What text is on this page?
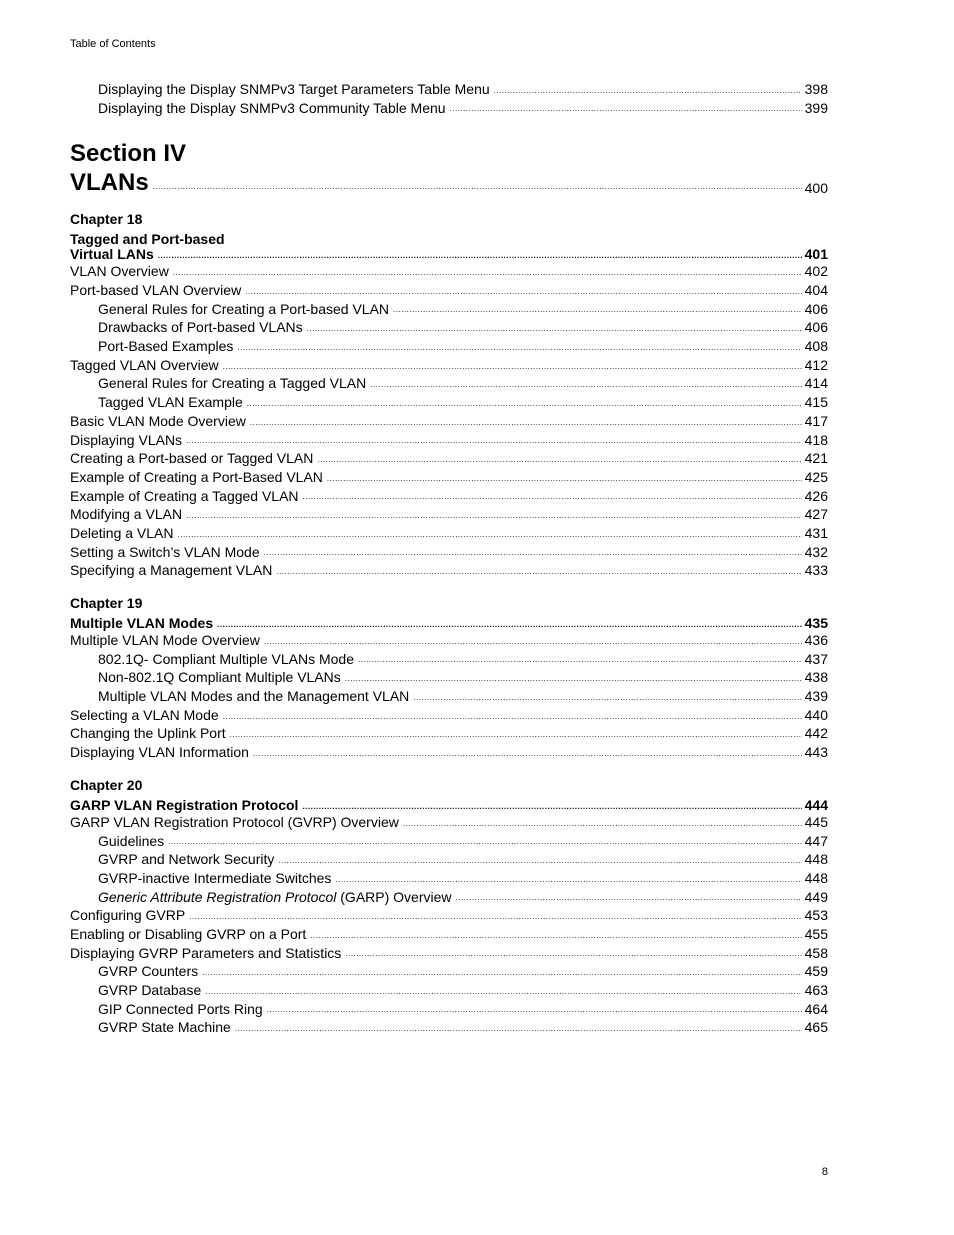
Table of Contents
Displaying the Display SNMPv3 Target Parameters Table Menu .....	398
Displaying the Display SNMPv3 Community Table Menu .....	399
Section IV
VLANs .....	400
Chapter 18
Tagged and Port-based
Virtual LANs .....	401
VLAN Overview .....	402
Port-based VLAN Overview .....	404
General Rules for Creating a Port-based VLAN .....	406
Drawbacks of Port-based VLANs .....	406
Port-Based Examples .....	408
Tagged VLAN Overview .....	412
General Rules for Creating a Tagged VLAN .....	414
Tagged VLAN Example .....	415
Basic VLAN Mode Overview .....	417
Displaying VLANs .....	418
Creating a Port-based or Tagged VLAN .....	421
Example of Creating a Port-Based VLAN .....	425
Example of Creating a Tagged VLAN .....	426
Modifying a VLAN .....	427
Deleting a VLAN .....	431
Setting a Switch’s VLAN Mode .....	432
Specifying a Management VLAN .....	433
Chapter 19
Multiple VLAN Modes .....	435
Multiple VLAN Mode Overview .....	436
802.1Q- Compliant Multiple VLANs Mode .....	437
Non-802.1Q Compliant Multiple VLANs .....	438
Multiple VLAN Modes and the Management VLAN .....	439
Selecting a VLAN Mode .....	440
Changing the Uplink Port .....	442
Displaying VLAN Information .....	443
Chapter 20
GARP VLAN Registration Protocol .....	444
GARP VLAN Registration Protocol (GVRP) Overview .....	445
Guidelines .....	447
GVRP and Network Security .....	448
GVRP-inactive Intermediate Switches .....	448
Generic Attribute Registration Protocol (GARP) Overview .....	449
Configuring GVRP .....	453
Enabling or Disabling GVRP on a Port .....	455
Displaying GVRP Parameters and Statistics .....	458
GVRP Counters .....	459
GVRP Database .....	463
GIP Connected Ports Ring .....	464
GVRP State Machine .....	465
8
